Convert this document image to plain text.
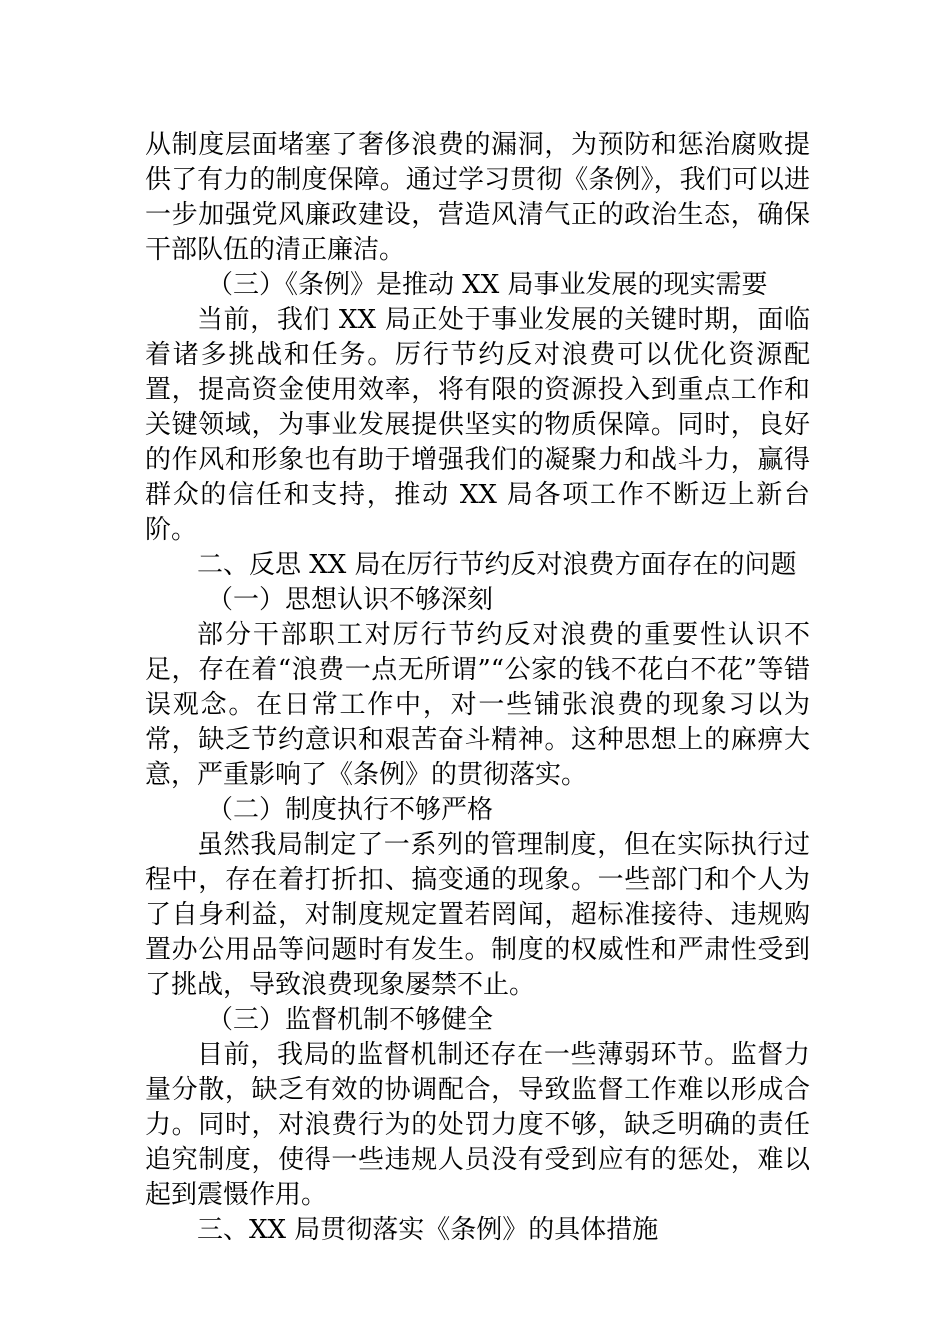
从制度层面堵塞了奢侈浪费的漏洞，为预防和惩治腐败提供了有力的制度保障。通过学习贯彻《条例》，我们可以进一步加强党风廉政建设，营造风清气正的政治生态，确保干部队伍的清正廉洁。

（三）《条例》是推动 XX 局事业发展的现实需要

当前，我们 XX 局正处于事业发展的关键时期，面临着诸多挑战和任务。厉行节约反对浪费可以优化资源配置，提高资金使用效率，将有限的资源投入到重点工作和关键领域，为事业发展提供坚实的物质保障。同时，良好的作风和形象也有助于增强我们的凝聚力和战斗力，赢得群众的信任和支持，推动 XX 局各项工作不断迈上新台阶。

二、反思 XX 局在厉行节约反对浪费方面存在的问题

（一）思想认识不够深刻

部分干部职工对厉行节约反对浪费的重要性认识不足，存在着“浪费一点无所谓”“公家的钱不花白不花”等错误观念。在日常工作中，对一些铺张浪费的现象习以为常，缺乏节约意识和艰苦奋斗精神。这种思想上的麻痹大意，严重影响了《条例》的贯彻落实。

（二）制度执行不够严格

虽然我局制定了一系列的管理制度，但在实际执行过程中，存在着打折扣、搞变通的现象。一些部门和个人为了自身利益，对制度规定置若罔闻，超标准接待、违规购置办公用品等问题时有发生。制度的权威性和严肃性受到了挑战，导致浪费现象屡禁不止。

（三）监督机制不够健全

目前，我局的监督机制还存在一些薄弱环节。监督力量分散，缺乏有效的协调配合，导致监督工作难以形成合力。同时，对浪费行为的处罚力度不够，缺乏明确的责任追究制度，使得一些违规人员没有受到应有的惩处，难以起到震慑作用。

三、XX 局贯彻落实《条例》的具体措施
